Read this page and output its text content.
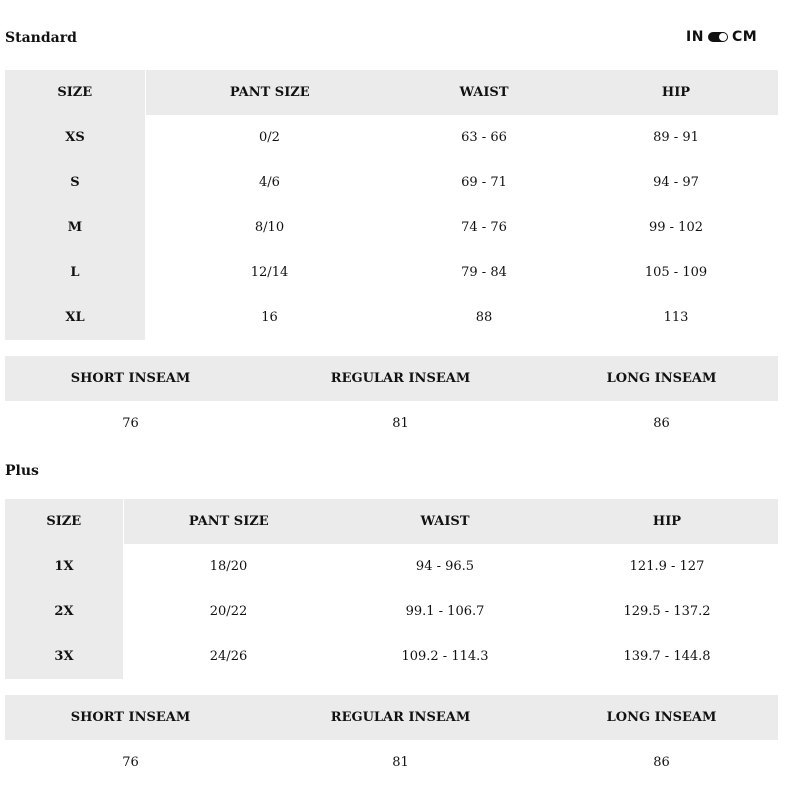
Standard	IN CM
SIZE	PANT SIZE	WAIST	HIP
XS	0/2	63 - 66	89 - 91
S	4/6	69 - 71	94 - 97
M	8/10	74 - 76	99 - 102
L	12/14	79 - 84	105 - 109
XL	16	88	113
SHORT INSEAM	REGULAR INSEAM	LONG INSEAM
76	81	86
Plus
SIZE	PANT SIZE	WAIST	HIP
1X	18/20	94 - 96.5	121.9 - 127
2X	20/22	99.1 - 106.7	129.5 - 137.2
3X	24/26	109.2 - 114.3	139.7 - 144.8
SHORT INSEAM	REGULAR INSEAM	LONG INSEAM
76	81	86
